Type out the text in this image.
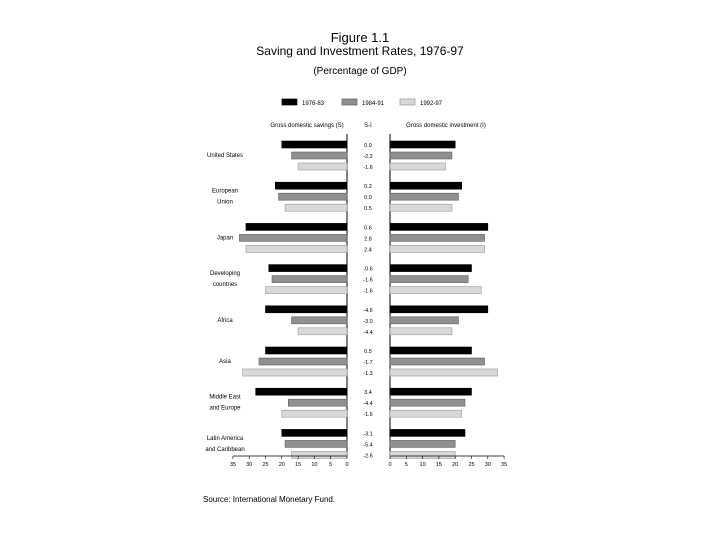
Figure 1.1
Saving and Investment Rates, 1976-97
(Percentage of GDP)
1976-83	1984-91	1992-97
Gross domestic savings (S)	S-I	Gross domestic investment (I)
United States
0.9
-2.2
-1.6
European
Union
0.2
0.0
0.5
Japan
0.6
2.8
2.4
Developing
countries
-0.6
-1.6
-1.6
Africa
-4.6
-3.0
-4.4
Asia
0.5
-1.7
-1.3
Middle East
and Europe
3.4
-4.4
-1.5
Latin America
and Caribbean
-3.1
-5.4
-2.6
35 30 25 20 15 10 5 0	0 5 10 15 20 25 30 35
Source: International Monetary Fund.
